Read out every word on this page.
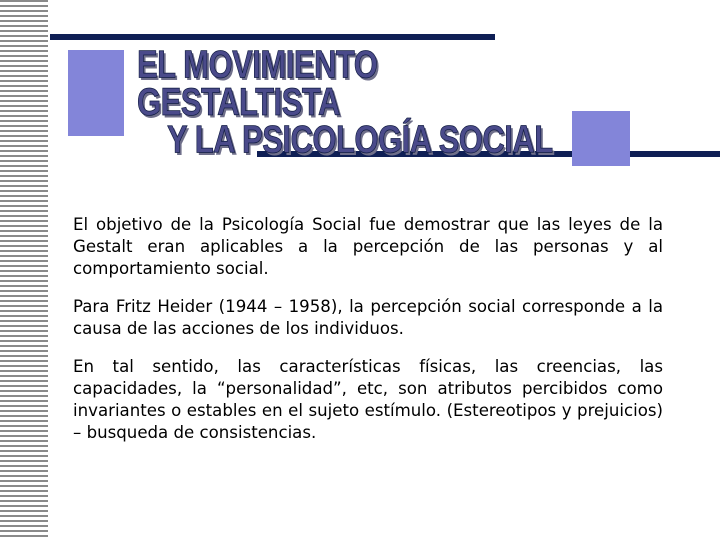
EL MOVIMIENTO GESTALTISTA
Y LA PSICOLOGÍA SOCIAL

El objetivo de la Psicología Social fue demostrar que las leyes de la Gestalt eran aplicables a la percepción de las personas y al comportamiento social.

Para Fritz Heider (1944 – 1958), la percepción social corresponde a la causa de las acciones de los individuos.

En tal sentido, las características físicas, las creencias, las capacidades, la “personalidad”, etc, son atributos percibidos como invariantes o estables en el sujeto estímulo. (Estereotipos y prejuicios) – busqueda de consistencias.
